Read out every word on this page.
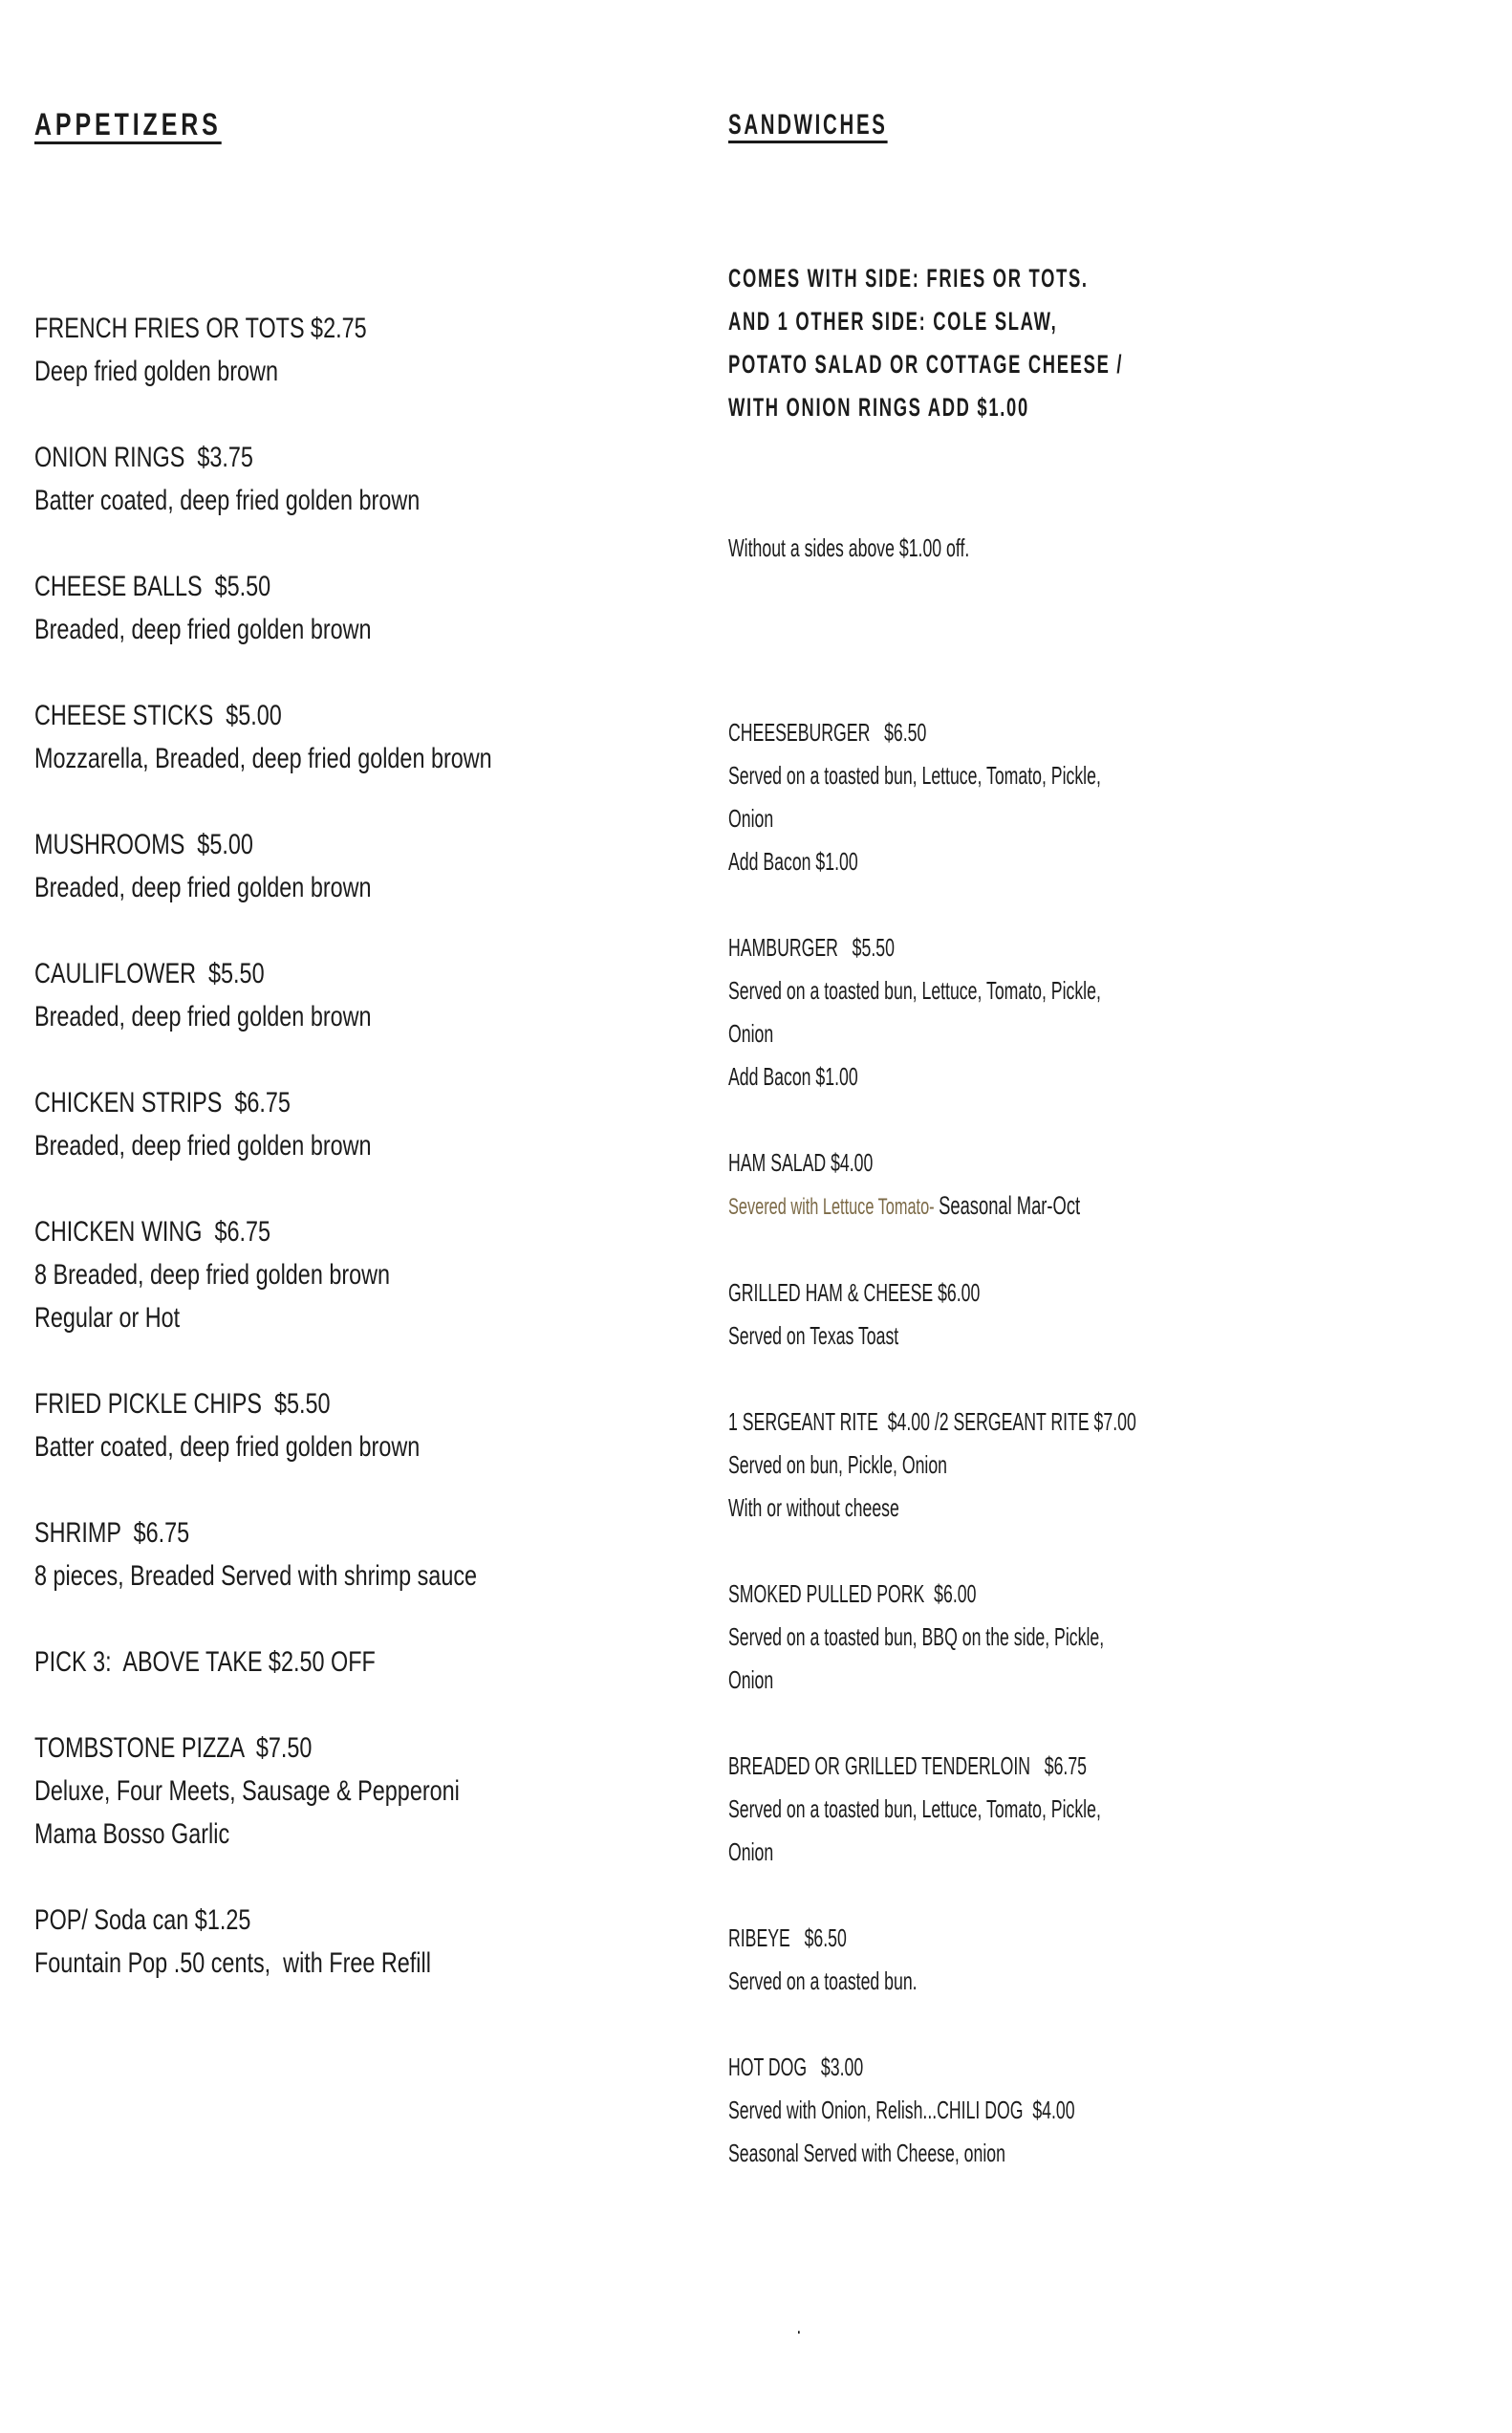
APPETIZERS

FRENCH FRIES OR TOTS $2.75
Deep fried golden brown
ONION RINGS  $3.75
Batter coated, deep fried golden brown
CHEESE BALLS  $5.50
Breaded, deep fried golden brown
CHEESE STICKS  $5.00
Mozzarella, Breaded, deep fried golden brown
MUSHROOMS  $5.00
Breaded, deep fried golden brown
CAULIFLOWER  $5.50
Breaded, deep fried golden brown
CHICKEN STRIPS  $6.75
Breaded, deep fried golden brown
CHICKEN WING  $6.75
8 Breaded, deep fried golden brown
Regular or Hot
FRIED PICKLE CHIPS  $5.50
Batter coated, deep fried golden brown
SHRIMP  $6.75
8 pieces, Breaded Served with shrimp sauce
PICK 3:  ABOVE TAKE $2.50 OFF
TOMBSTONE PIZZA  $7.50
Deluxe, Four Meets, Sausage & Pepperoni
Mama Bosso Garlic
POP/ Soda can $1.25
Fountain Pop .50 cents,  with Free Refill

SANDWICHES

COMES WITH SIDE: FRIES OR TOTS.
AND 1 OTHER SIDE: COLE SLAW,
POTATO SALAD OR COTTAGE CHEESE /
WITH ONION RINGS ADD $1.00

Without a sides above $1.00 off.

CHEESEBURGER   $6.50
Served on a toasted bun, Lettuce, Tomato, Pickle,
Onion
Add Bacon $1.00
HAMBURGER   $5.50
Served on a toasted bun, Lettuce, Tomato, Pickle,
Onion
Add Bacon $1.00
HAM SALAD $4.00
Severed with Lettuce Tomato- Seasonal Mar-Oct
GRILLED HAM & CHEESE $6.00
Served on Texas Toast
1 SERGEANT RITE  $4.00 /2 SERGEANT RITE $7.00
Served on bun, Pickle, Onion
With or without cheese
SMOKED PULLED PORK  $6.00
Served on a toasted bun, BBQ on the side, Pickle,
Onion
BREADED OR GRILLED TENDERLOIN   $6.75
Served on a toasted bun, Lettuce, Tomato, Pickle,
Onion
RIBEYE   $6.50
Served on a toasted bun.
HOT DOG   $3.00
Served with Onion, Relish...CHILI DOG  $4.00
Seasonal Served with Cheese, onion

.
